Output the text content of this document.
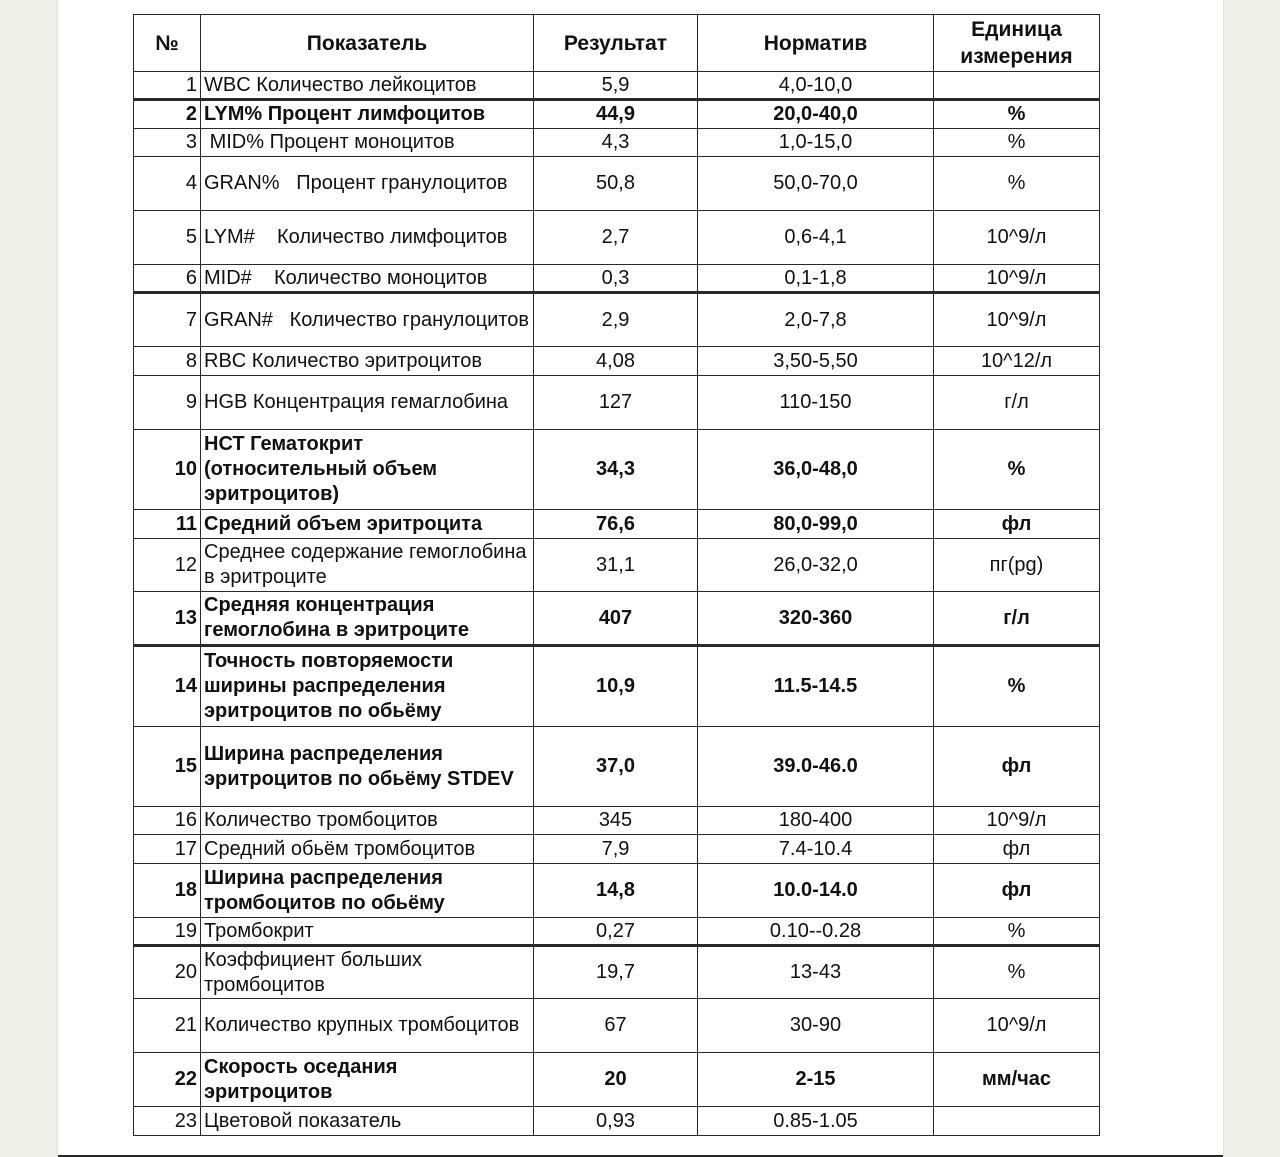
№	Показатель	Результат	Норматив	Единица измерения
1	WBC Количество лейкоцитов	5,9	4,0-10,0	
2	LYM% Процент лимфоцитов	44,9	20,0-40,0	%
3	MID% Процент моноцитов	4,3	1,0-15,0	%
4	GRAN%   Процент гранулоцитов	50,8	50,0-70,0	%
5	LYM#    Количество лимфоцитов	2,7	0,6-4,1	10^9/л
6	MID#    Количество моноцитов	0,3	0,1-1,8	10^9/л
7	GRAN#   Количество гранулоцитов	2,9	2,0-7,8	10^9/л
8	RBC Количество эритроцитов	4,08	3,50-5,50	10^12/л
9	HGB Концентрация гемаглобина	127	110-150	г/л
10	НСТ Гематокрит (относительный объем эритроцитов)	34,3	36,0-48,0	%
11	Средний объем эритроцита	76,6	80,0-99,0	фл
12	Среднее содержание гемоглобина в эритроците	31,1	26,0-32,0	пг(pg)
13	Средняя концентрация гемоглобина в эритроците	407	320-360	г/л
14	Точность повторяемости ширины распределения эритроцитов по обьёму	10,9	11.5-14.5	%
15	Ширина распределения эритроцитов по обьёму STDEV	37,0	39.0-46.0	фл
16	Количество тромбоцитов	345	180-400	10^9/л
17	Средний обьём тромбоцитов	7,9	7.4-10.4	фл
18	Ширина распределения тромбоцитов по обьёму	14,8	10.0-14.0	фл
19	Тромбокрит	0,27	0.10--0.28	%
20	Коэффициент больших тромбоцитов	19,7	13-43	%
21	Количество крупных тромбоцитов	67	30-90	10^9/л
22	Скорость оседания эритроцитов	20	2-15	мм/час
23	Цветовой показатель	0,93	0.85-1.05	
